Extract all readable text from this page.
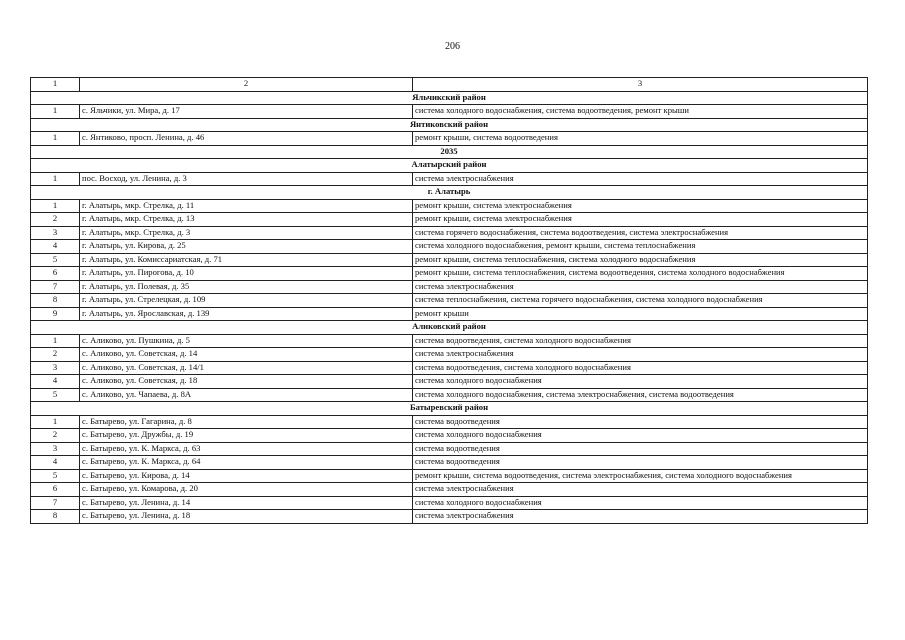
206
1	2	3
Яльчикский район		
1	с. Яльчики, ул. Мира, д. 17	система холодного водоснабжения, система водоотведения, ремонт крыши
Янтиковский район		
1	с. Янтиково, просп. Ленина, д. 46	ремонт крыши, система водоотведения
2035		
Алатырский район		
1	пос. Восход, ул. Ленина, д. 3	система электроснабжения
г. Алатырь		
1	г. Алатырь, мкр. Стрелка, д. 11	ремонт крыши, система электроснабжения
2	г. Алатырь, мкр. Стрелка, д. 13	ремонт крыши, система электроснабжения
3	г. Алатырь, мкр. Стрелка, д. 3	система горячего водоснабжения, система водоотведения, система электроснабжения
4	г. Алатырь, ул. Кирова, д. 25	система холодного водоснабжения, ремонт крыши, система теплоснабжения
5	г. Алатырь, ул. Комиссариатская, д. 71	ремонт крыши, система теплоснабжения, система холодного водоснабжения
6	г. Алатырь, ул. Пирогова, д. 10	ремонт крыши, система теплоснабжения, система водоотведения, система холодного водоснабжения
7	г. Алатырь, ул. Полевая, д. 35	система электроснабжения
8	г. Алатырь, ул. Стрелецкая, д. 109	система теплоснабжения, система горячего водоснабжения, система холодного водоснабжения
9	г. Алатырь, ул. Ярославская, д. 139	ремонт крыши
Аликовский район		
1	с. Аликово, ул. Пушкина, д. 5	система водоотведения, система холодного водоснабжения
2	с. Аликово, ул. Советская, д. 14	система электроснабжения
3	с. Аликово, ул. Советская, д. 14/1	система водоотведения, система холодного водоснабжения
4	с. Аликово, ул. Советская, д. 18	система холодного водоснабжения
5	с. Аликово, ул. Чапаева, д. 8А	система холодного водоснабжения, система электроснабжения, система водоотведения
Батыревский район		
1	с. Батырево, ул. Гагарина, д. 8	система водоотведения
2	с. Батырево, ул. Дружбы, д. 19	система холодного водоснабжения
3	с. Батырево, ул. К. Маркса, д. 63	система водоотведения
4	с. Батырево, ул. К. Маркса, д. 64	система водоотведения
5	с. Батырево, ул. Кирова, д. 14	ремонт крыши, система водоотведения, система электроснабжения, система холодного водоснабжения
6	с. Батырево, ул. Комарова, д. 20	система электроснабжения
7	с. Батырево, ул. Ленина, д. 14	система холодного водоснабжения
8	с. Батырево, ул. Ленина, д. 18	система электроснабжения
